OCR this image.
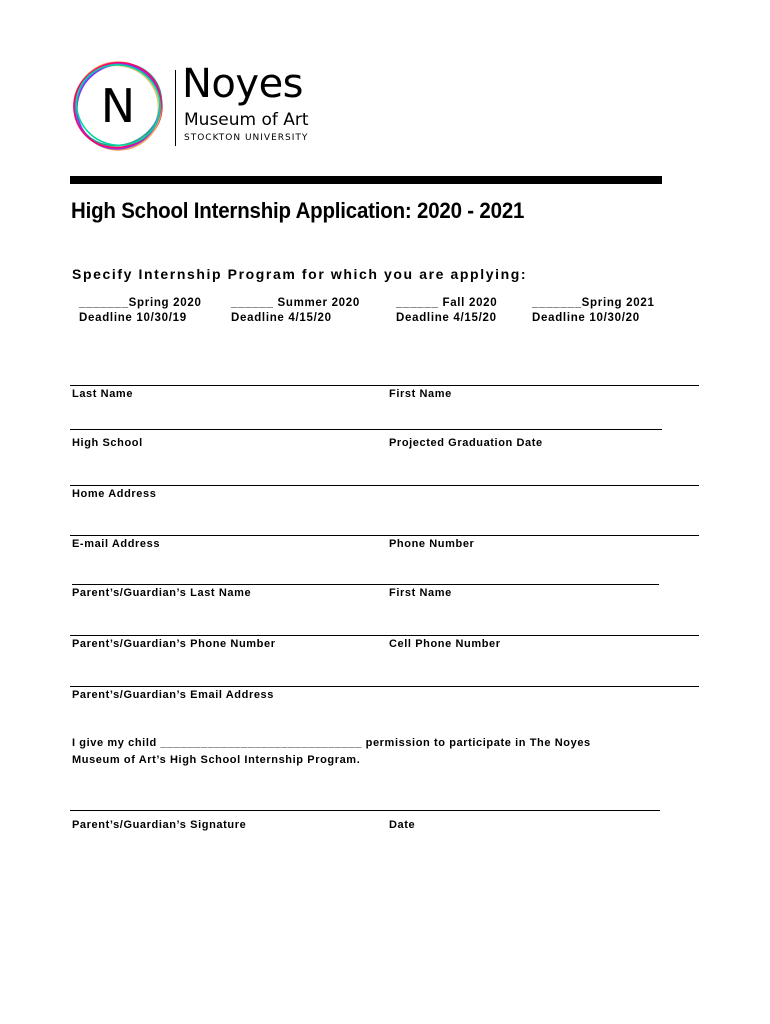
N Noyes
Museum of Art
STOCKTON UNIVERSITY
High School Internship Application: 2020 - 2021
Specify Internship Program for which you are applying:
_______Spring 2020
Deadline 10/30/19
______ Summer 2020
Deadline 4/15/20
______ Fall 2020
Deadline 4/15/20
_______Spring 2021
Deadline 10/30/20
Last Name	First Name
High School	Projected Graduation Date
Home Address
E-mail Address	Phone Number
Parent’s/Guardian’s Last Name	First Name
Parent’s/Guardian’s Phone Number	Cell Phone Number
Parent’s/Guardian’s Email Address
I give my child ______________________________ permission to participate in The Noyes
Museum of Art’s High School Internship Program.
Parent’s/Guardian’s Signature	Date
